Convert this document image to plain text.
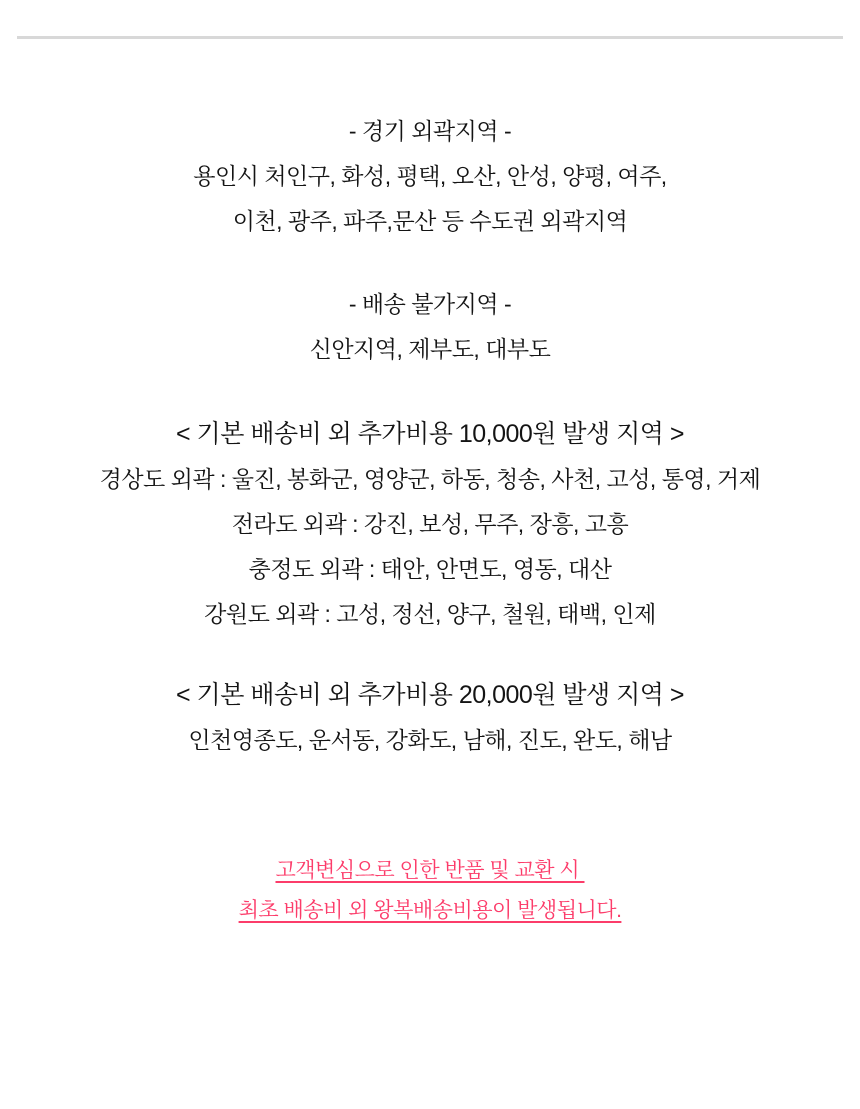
- 경기 외곽지역 -

용인시 처인구, 화성, 평택, 오산, 안성, 양평, 여주,

이천, 광주, 파주,문산 등 수도권 외곽지역

- 배송 불가지역 -

신안지역, 제부도, 대부도

< 기본 배송비 외 추가비용 10,000원 발생 지역 >

경상도 외곽 : 울진, 봉화군, 영양군, 하동, 청송, 사천, 고성, 통영, 거제

전라도 외곽 : 강진, 보성, 무주, 장흥, 고흥

충정도 외곽 : 태안, 안면도, 영동, 대산

강원도 외곽 : 고성, 정선, 양구, 철원, 태백, 인제

< 기본 배송비 외 추가비용 20,000원 발생 지역 >

인천영종도, 운서동, 강화도, 남해, 진도, 완도, 해남

고객변심으로 인한 반품 및 교환 시

최초 배송비 외 왕복배송비용이 발생됩니다.
